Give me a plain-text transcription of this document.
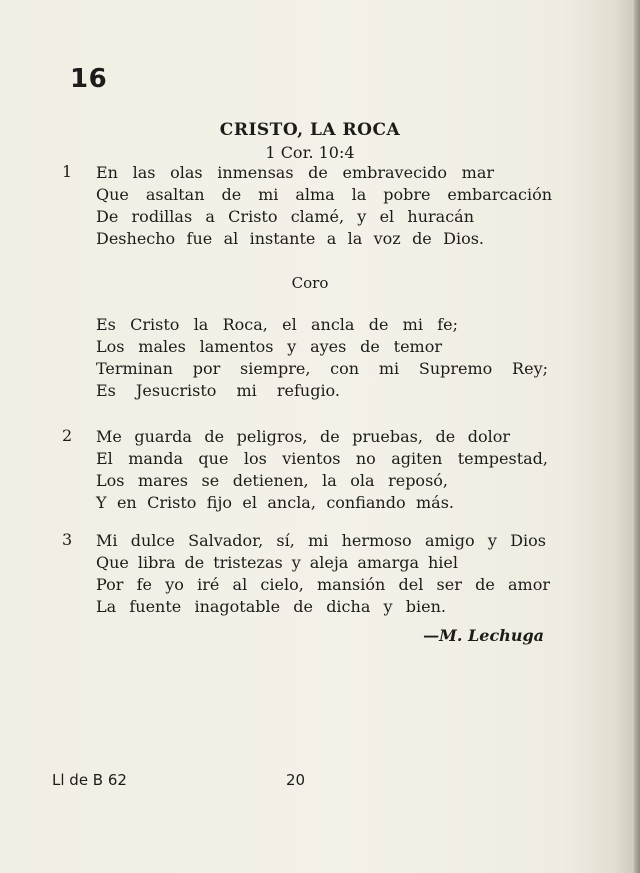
16
CRISTO, LA ROCA
1 Cor. 10:4
1 En las olas inmensas de embravecido mar
Que asaltan de mi alma la pobre embarcación
De rodillas a Cristo clamé, y el huracán
Deshecho fue al instante a la voz de Dios.
Coro
Es Cristo la Roca, el ancla de mi fe;
Los males lamentos y ayes de temor
Terminan por siempre, con mi Supremo Rey;
Es Jesucristo mi refugio.
2 Me guarda de peligros, de pruebas, de dolor
El manda que los vientos no agiten tempestad,
Los mares se detienen, la ola reposó,
Y en Cristo fijo el ancla, confiando más.
3 Mi dulce Salvador, sí, mi hermoso amigo y Dios
Que libra de tristezas y aleja amarga hiel
Por fe yo iré al cielo, mansión del ser de amor
La fuente inagotable de dicha y bien.
—M. Lechuga
Ll de B 62	20
